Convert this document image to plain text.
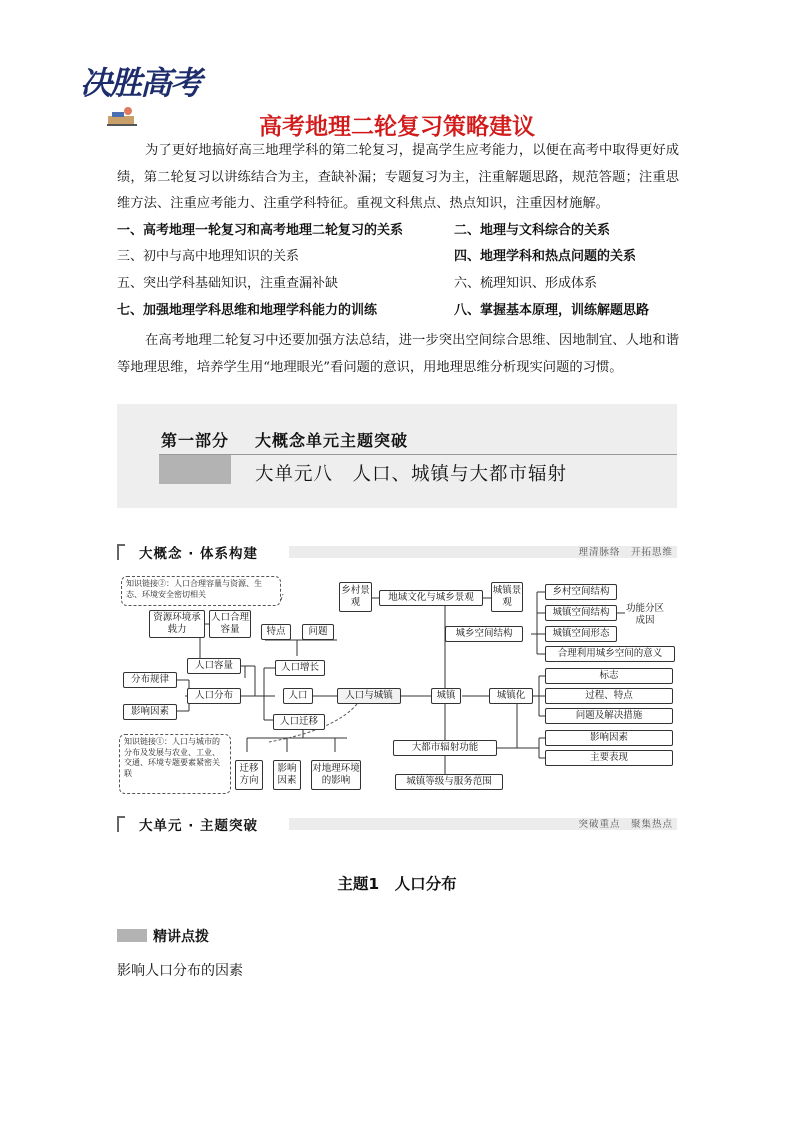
决胜高考
高考地理二轮复习策略建议
为了更好地搞好高三地理学科的第二轮复习，提高学生应考能力，以便在高考中取得更好成绩，第二轮复习以讲练结合为主，查缺补漏；专题复习为主，注重解题思路，规范答题；注重思维方法、注重应考能力、注重学科特征。重视文科焦点、热点知识，注重因材施解。
一、高考地理一轮复习和高考地理二轮复习的关系	二、地理与文科综合的关系
三、初中与高中地理知识的关系	四、地理学科和热点问题的关系
五、突出学科基础知识，注重查漏补缺	六、梳理知识、形成体系
七、加强地理学科思维和地理学科能力的训练	八、掌握基本原理，训练解题思路
在高考地理二轮复习中还要加强方法总结，进一步突出空间综合思维、因地制宜、人地和谐等地理思维，培养学生用“地理眼光”看问题的意识，用地理思维分析现实问题的习惯。
第一部分 大概念单元主题突破
大单元八　人口、城镇与大都市辐射
大概念 · 体系构建	理清脉络　开拓思维
知识链接②：人口合理容量与资源、生态、环境安全密切相关
知识链接①：人口与城市的分布及发展与农业、工业、交通、环境专题要素紧密关联
资源环境承载力
人口合理容量	特点	问题
人口容量	人口增长
分布规律
人口分布	人口	人口与城镇
影响因素
人口迁移
迁移方向
影响因素
对地理环境的影响
乡村景观	地域文化与城乡景观
城镇景观
城乡空间结构
城镇	城镇化
大都市辐射功能
城镇等级与服务范围
乡村空间结构
城镇空间结构	功能分区成因
城镇空间形态
合理利用城乡空间的意义
标志
过程、特点
问题及解决措施
影响因素
主要表现
大单元 · 主题突破	突破重点　聚集热点
主题1　人口分布
精讲点拨
影响人口分布的因素
